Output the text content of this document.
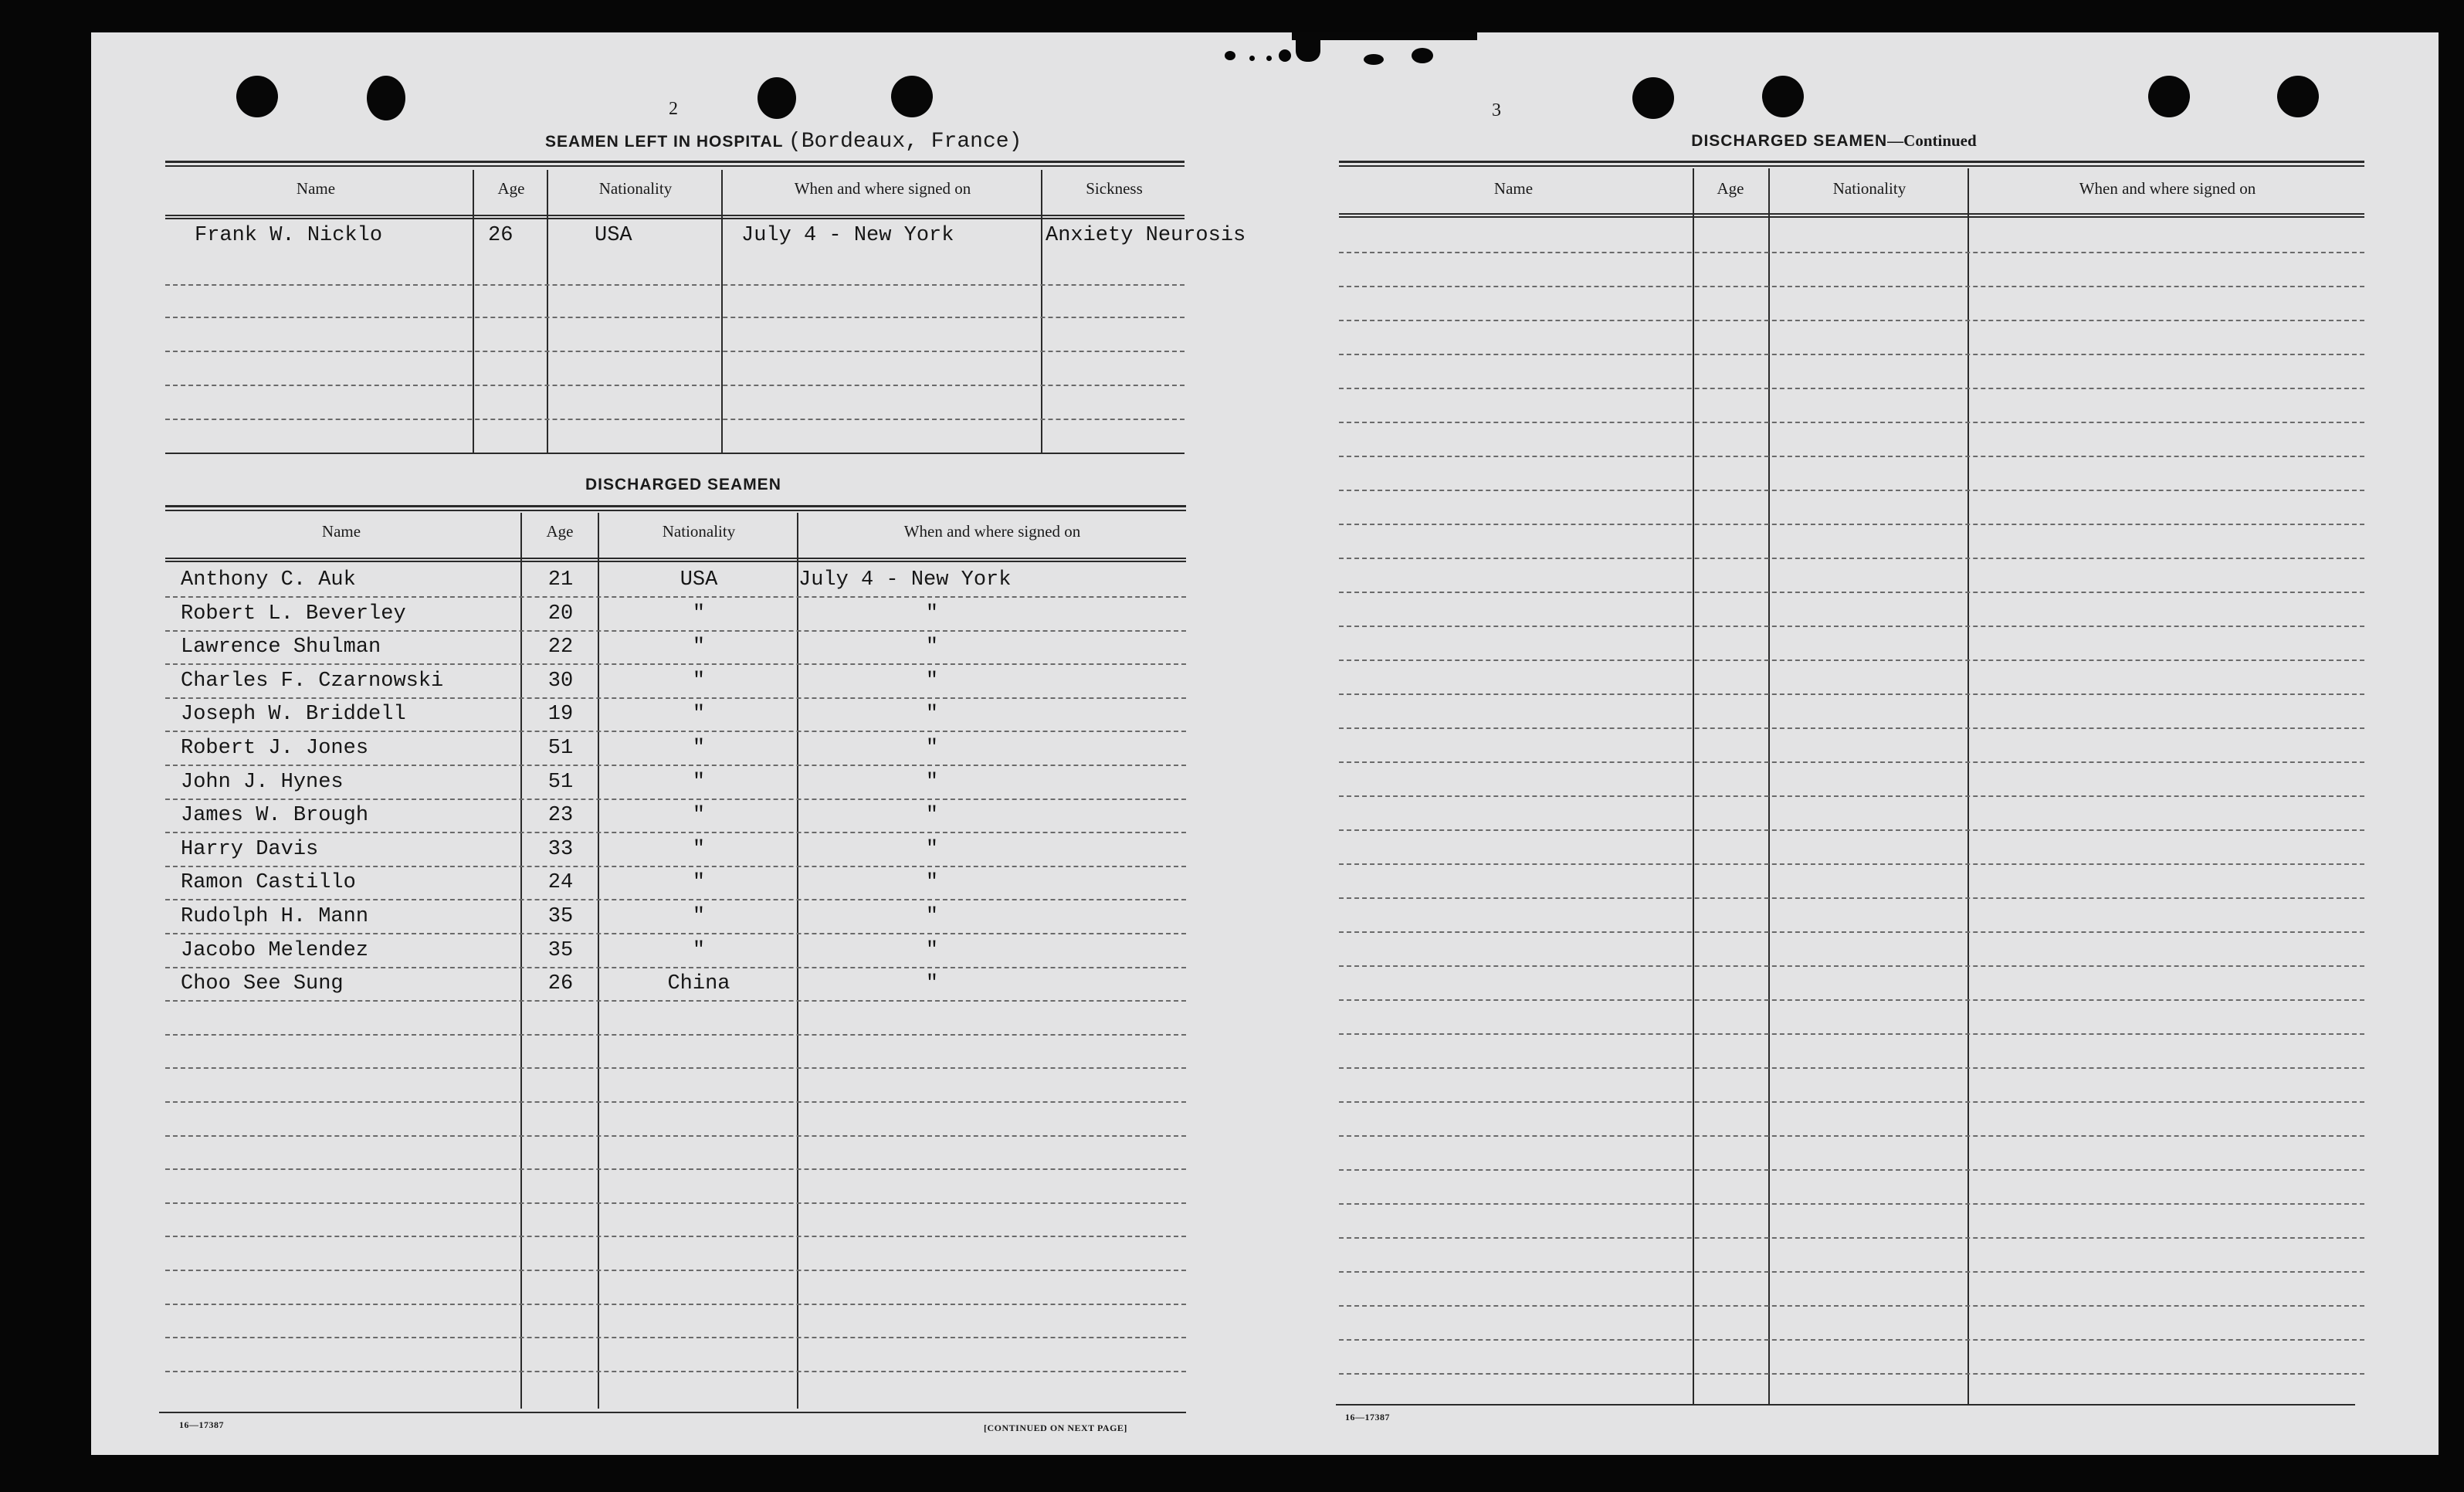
2
SEAMEN LEFT IN HOSPITAL (Bordeaux, France)
Name	Age	Nationality	When and where signed on	Sickness
Frank W. Nicklo	26	USA	July 4 - New York	Anxiety Neurosis
DISCHARGED SEAMEN
Name	Age	Nationality	When and where signed on
Anthony C. Auk	21	USA	July 4 - New York
Robert L. Beverley	20	"	"
Lawrence Shulman	22	"	"
Charles F. Czarnowski	30	"	"
Joseph W. Briddell	19	"	"
Robert J. Jones	51	"	"
John J. Hynes	51	"	"
James W. Brough	23	"	"
Harry Davis	33	"	"
Ramon Castillo	24	"	"
Rudolph H. Mann	35	"	"
Jacobo Melendez	35	"	"
Choo See Sung	26	China	"
16—17387	[CONTINUED ON NEXT PAGE]
3
DISCHARGED SEAMEN—Continued
Name	Age	Nationality	When and where signed on
16—17387
